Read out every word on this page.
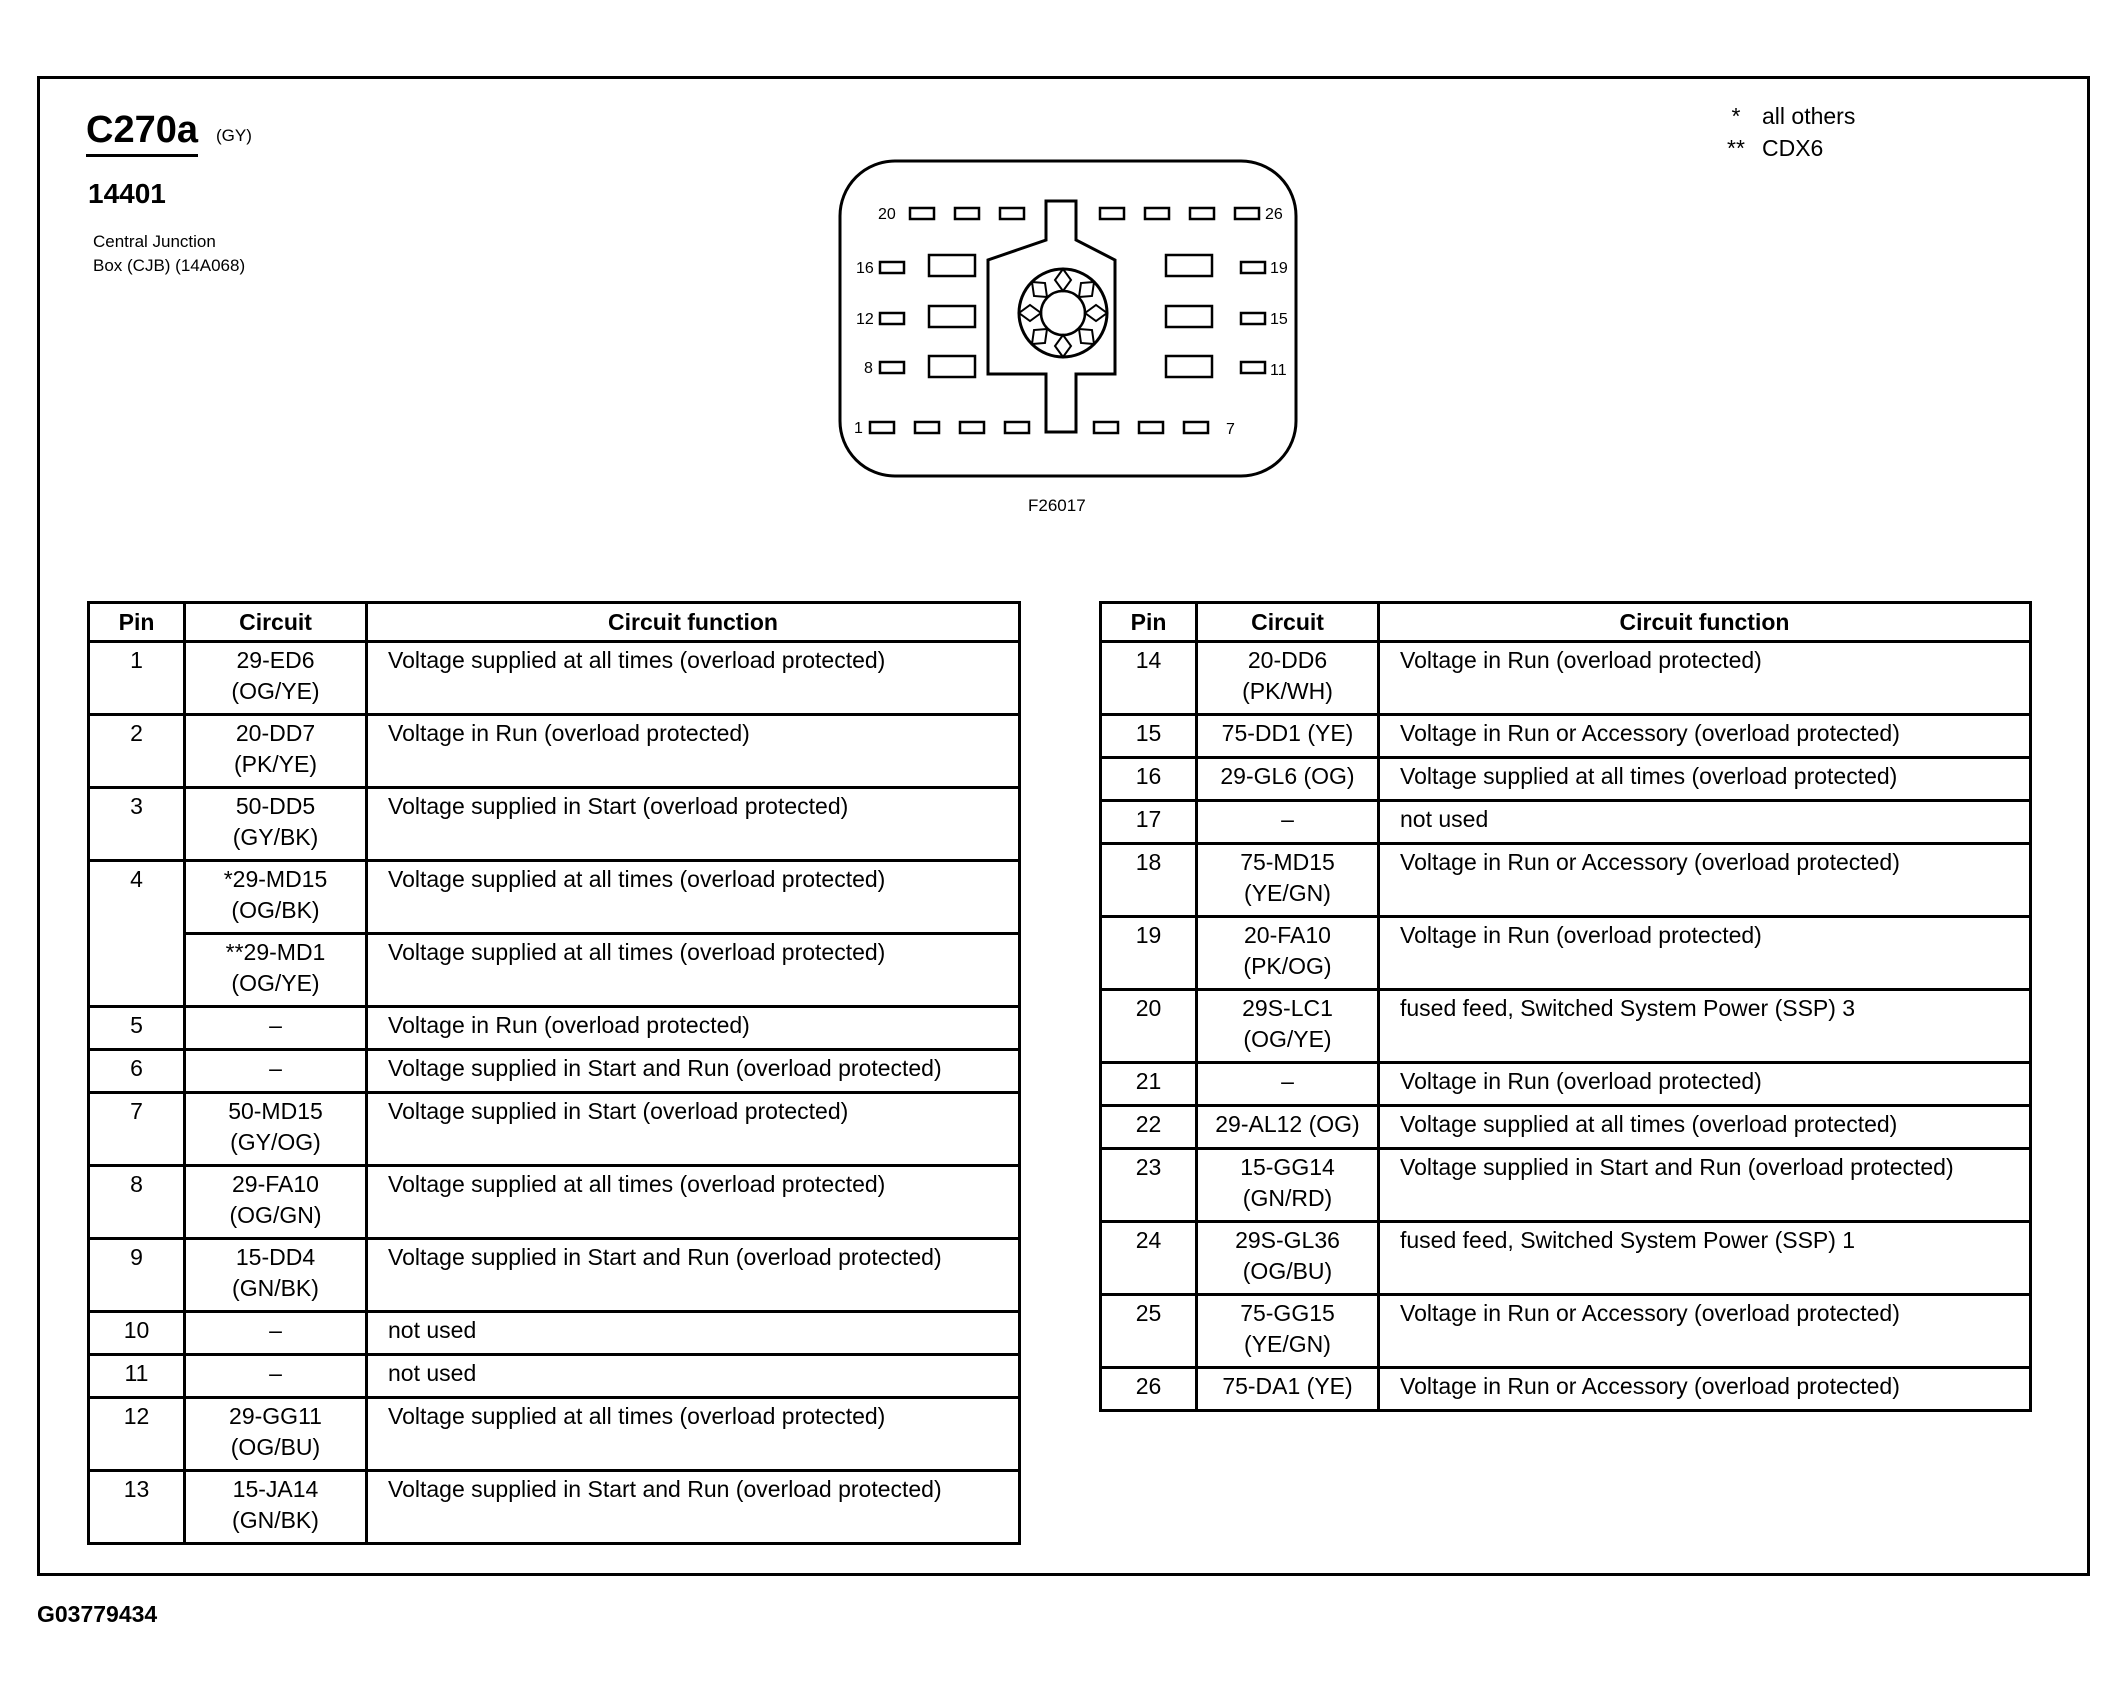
C270a (GY)
14401
Central Junction
Box (CJB) (14A068)
* all others
** CDX6
20	26
16	19
12	15
8	11
1	7
F26017
Pin	Circuit	Circuit function
1	29-ED6
(OG/YE)	Voltage supplied at all times (overload protected)
2	20-DD7
(PK/YE)	Voltage in Run (overload protected)
3	50-DD5
(GY/BK)	Voltage supplied in Start (overload protected)
4	*29-MD15
(OG/BK)	Voltage supplied at all times (overload protected)

	**29-MD1
(OG/YE)	Voltage supplied at all times (overload protected)
5	–	Voltage in Run (overload protected)
6	–	Voltage supplied in Start and Run (overload protected)
7	50-MD15
(GY/OG)	Voltage supplied in Start (overload protected)
8	29-FA10
(OG/GN)	Voltage supplied at all times (overload protected)
9	15-DD4
(GN/BK)	Voltage supplied in Start and Run (overload protected)
10	–	not used
11	–	not used
12	29-GG11
(OG/BU)	Voltage supplied at all times (overload protected)
13	15-JA14
(GN/BK)	Voltage supplied in Start and Run (overload protected)
Pin	Circuit	Circuit function
14	20-DD6
(PK/WH)	Voltage in Run (overload protected)
15	75-DD1 (YE)	Voltage in Run or Accessory (overload protected)
16	29-GL6 (OG)	Voltage supplied at all times (overload protected)
17	–	not used
18	75-MD15
(YE/GN)	Voltage in Run or Accessory (overload protected)
19	20-FA10
(PK/OG)	Voltage in Run (overload protected)
20	29S-LC1
(OG/YE)	fused feed, Switched System Power (SSP) 3
21	–	Voltage in Run (overload protected)
22	29-AL12 (OG)	Voltage supplied at all times (overload protected)
23	15-GG14
(GN/RD)	Voltage supplied in Start and Run (overload protected)
24	29S-GL36
(OG/BU)	fused feed, Switched System Power (SSP) 1
25	75-GG15
(YE/GN)	Voltage in Run or Accessory (overload protected)
26	75-DA1 (YE)	Voltage in Run or Accessory (overload protected)
G03779434
